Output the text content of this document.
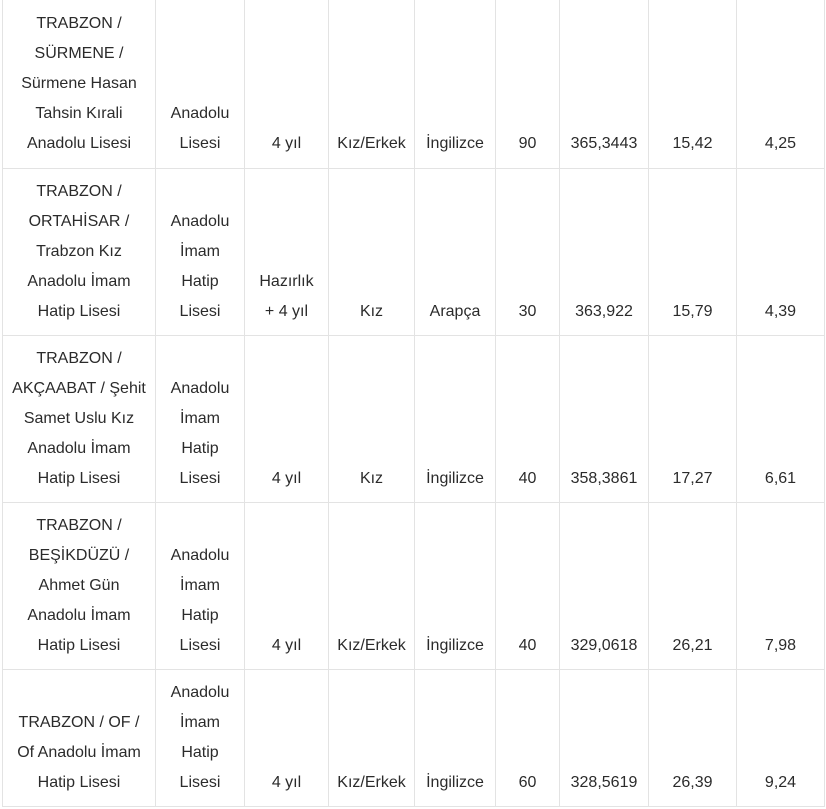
TRABZON /
SÜRMENE /
Sürmene Hasan
Tahsin Kırali
Anadolu Lisesi	Anadolu
Lisesi	4 yıl	Kız/Erkek	İngilizce	90	365,3443	15,42	4,25
TRABZON /
ORTAHİSAR /
Trabzon Kız
Anadolu İmam
Hatip Lisesi	Anadolu
İmam
Hatip
Lisesi	Hazırlık
+ 4 yıl	Kız	Arapça	30	363,922	15,79	4,39
TRABZON /
AKÇAABAT / Şehit
Samet Uslu Kız
Anadolu İmam
Hatip Lisesi	Anadolu
İmam
Hatip
Lisesi	4 yıl	Kız	İngilizce	40	358,3861	17,27	6,61
TRABZON /
BEŞİKDÜZÜ /
Ahmet Gün
Anadolu İmam
Hatip Lisesi	Anadolu
İmam
Hatip
Lisesi	4 yıl	Kız/Erkek	İngilizce	40	329,0618	26,21	7,98
TRABZON / OF /
Of Anadolu İmam
Hatip Lisesi	Anadolu
İmam
Hatip
Lisesi	4 yıl	Kız/Erkek	İngilizce	60	328,5619	26,39	9,24
